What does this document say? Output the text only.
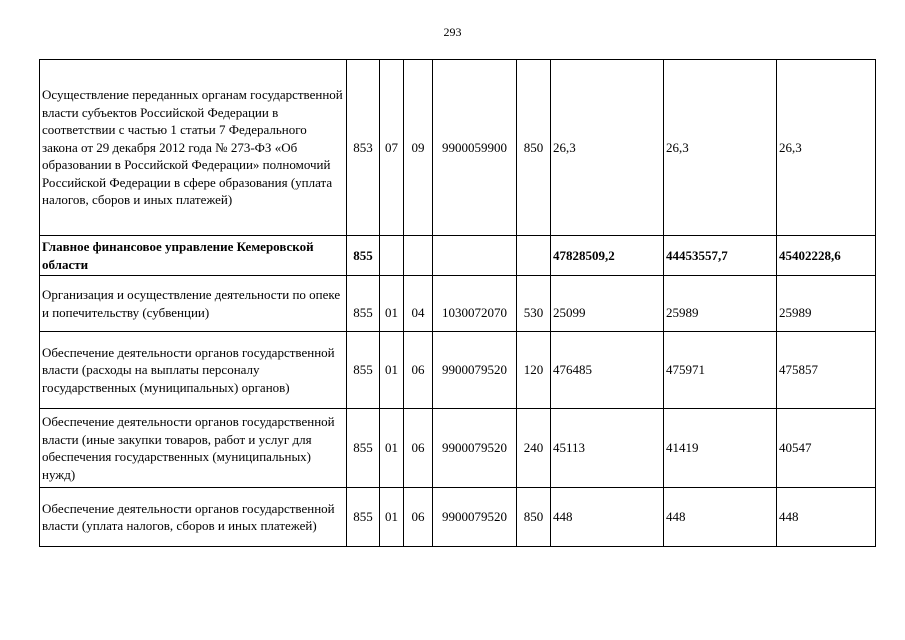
293
Осуществление переданных органам государственной власти субъектов Российской Федерации в соответствии с частью 1 статьи 7 Федерального закона от 29 декабря 2012 года № 273-ФЗ «Об образовании в Российской Федерации» полномочий Российской Федерации в сфере образования (уплата налогов, сборов и иных платежей)	853	07	09	9900059900	850	26,3	26,3	26,3
Главное финансовое управление Кемеровской области	855					47828509,2	44453557,7	45402228,6
Организация и осуществление деятельности по опеке и попечительству (субвенции)	855	01	04	1030072070	530	25099	25989	25989
Обеспечение деятельности органов государственной власти (расходы на выплаты персоналу государственных (муниципальных) органов)	855	01	06	9900079520	120	476485	475971	475857
Обеспечение деятельности органов государственной власти (иные закупки товаров, работ и услуг для обеспечения государственных (муниципальных) нужд)	855	01	06	9900079520	240	45113	41419	40547
Обеспечение деятельности органов государственной власти (уплата налогов, сборов и иных платежей)	855	01	06	9900079520	850	448	448	448
